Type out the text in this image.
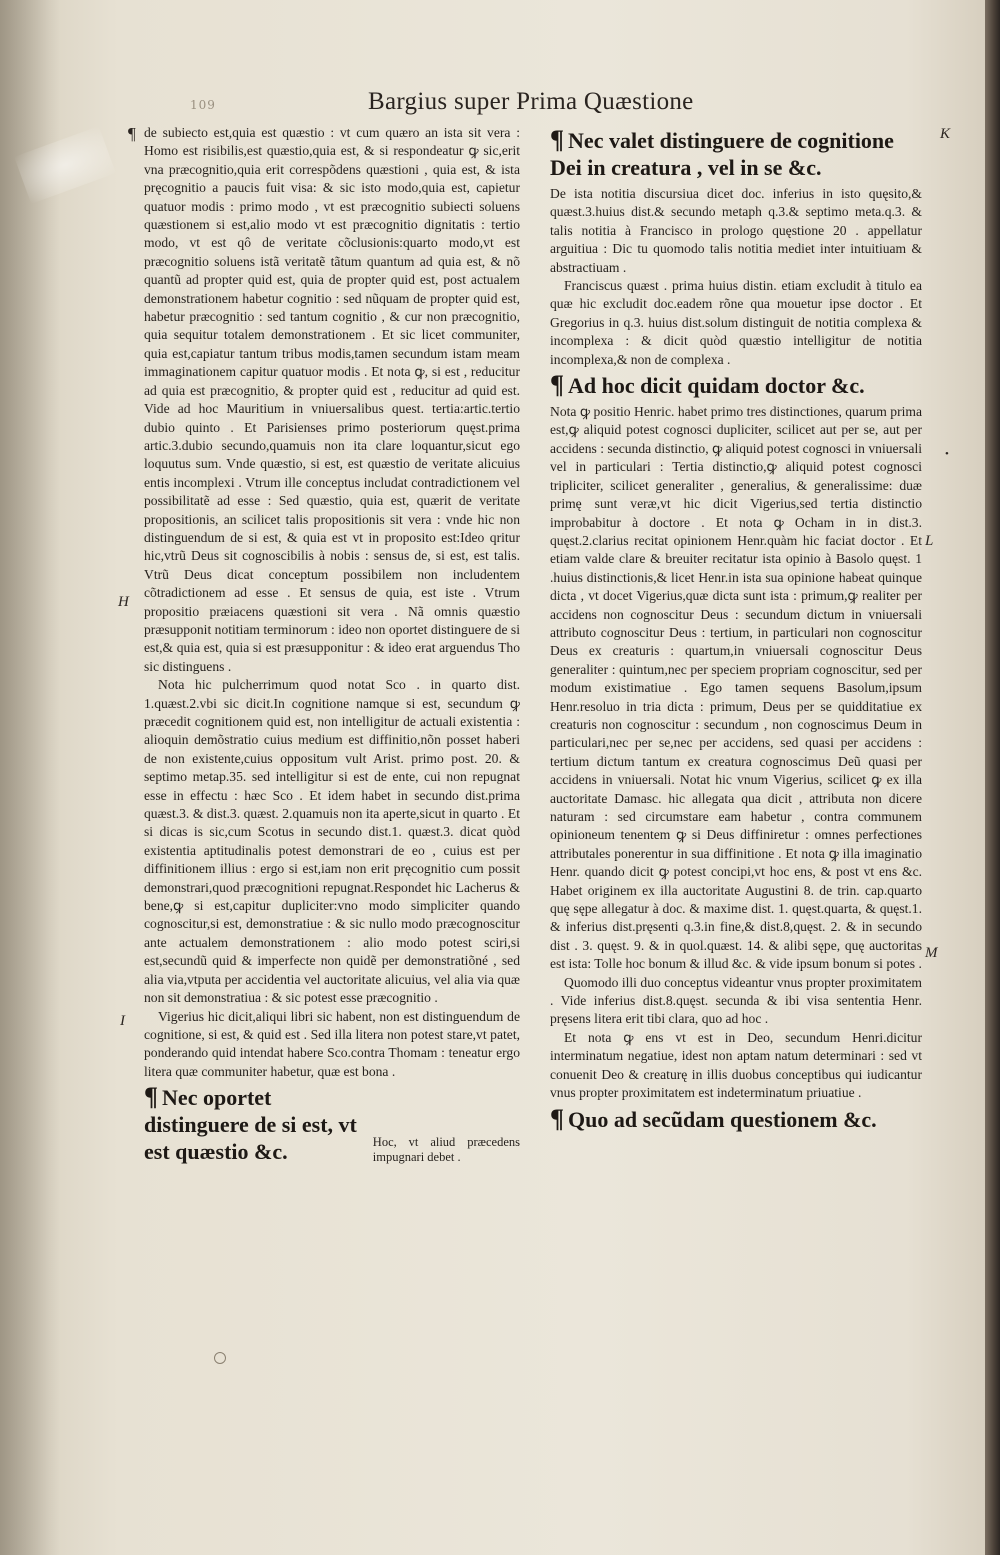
109	Bargius super Prima Quæstione
¶
H
I
K
L
M
•

de subiecto est,quia est quæstio : vt cum quæro an ista sit vera : Homo est risibilis,est quæstio,quia est, & si respondeatur ꝙ sic,erit vna præcognitio,quia erit correspõdens quæstioni , quia est, & ista pręcognitio a paucis fuit visa: & sic isto modo,quia est, capietur quatuor modis : primo modo , vt est præcognitio subiecti soluens quæstionem si est,alio modo vt est præcognitio dignitatis : tertio modo, vt est qô de veritate cõclusionis:quarto modo,vt est præcognitio soluens istã veritatẽ tãtum quantum ad quia est, & nõ quantũ ad propter quid est, quia de propter quid est, post actualem demonstrationem habetur cognitio : sed nũquam de propter quid est, habetur præcognitio : sed tantum cognitio , & cur non præcognitio, quia sequitur totalem demonstrationem . Et sic licet communiter, quia est,capiatur tantum tribus modis,tamen secundum istam meam immaginationem capitur quatuor modis . Et nota ꝙ, si est , reducitur ad quia est præcognitio, & propter quid est , reducitur ad quid est. Vide ad hoc Mauritium in vniuersalibus quest. tertia:artic.tertio dubio quinto . Et Parisienses primo posteriorum quęst.prima artic.3.dubio secundo,quamuis non ita clare loquantur,sicut ego loquutus sum. Vnde quæstio, si est, est quæstio de veritate alicuius entis incomplexi . Vtrum ille conceptus includat contradictionem vel possibilitatẽ ad esse : Sed quæstio, quia est, quærit de veritate propositionis, an scilicet talis propositionis sit vera : vnde hic non distinguendum de si est, & quia est vt in proposito est:Ideo qritur hic,vtrũ Deus sit cognoscibilis à nobis : sensus de, si est, est talis. Vtrũ Deus dicat conceptum possibilem non includentem cõtradictionem ad esse . Et sensus de quia, est iste . Vtrum propositio præiacens quæstioni sit vera . Nã omnis quæstio præsupponit notitiam terminorum : ideo non oportet distinguere de si est,& quia est, quia si est præsupponitur : & ideo erat arguendus Tho sic distinguens .

Nota hic pulcherrimum quod notat Sco . in quarto dist. 1.quæst.2.vbi sic dicit.In cognitione namque si est, secundum ꝙ præcedit cognitionem quid est, non intelligitur de actuali existentia : alioquin demõstratio cuius medium est diffinitio,nõn posset haberi de non existente,cuius oppositum vult Arist. primo post. 20. & septimo metap.35. sed intelligitur si est de ente, cui non repugnat esse in effectu : hæc Sco . Et idem habet in secundo dist.prima quæst.3. & dist.3. quæst. 2.quamuis non ita aperte,sicut in quarto . Et si dicas is sic,cum Scotus in secundo dist.1. quæst.3. dicat quòd existentia aptitudinalis potest demonstrari de eo , cuius est per diffinitionem illius : ergo si est,iam non erit pręcognitio cum possit demonstrari,quod præcognitioni repugnat.Respondet hic Lacherus & bene,ꝙ si est,capitur dupliciter:vno modo simpliciter quando cognoscitur,si est, demonstratiue : & sic nullo modo præcognoscitur ante actualem demonstrationem : alio modo potest sciri,si est,secundũ quid & imperfecte non quidẽ per demonstratiõné , sed alia via,vtputa per accidentia vel auctoritate alicuius, vel alia via quæ non sit demonstratiua : & sic potest esse præcognitio .

Vigerius hic dicit,aliqui libri sic habent, non est distinguendum de cognitione, si est, & quid est . Sed illa litera non potest stare,vt patet, ponderando quid intendat habere Sco.contra Thomam : teneatur ergo litera quæ communiter habetur, quæ est bona .

¶ Nec oportet distinguere de si est, vt est quæstio &c.	Hoc, vt aliud præcedens impugnari debet .
¶ Nec valet distinguere de cognitione Dei in creatura , vel in se &c.

De ista notitia discursiua dicet doc. inferius in isto quęsito,& quæst.3.huius dist.& secundo metaph q.3.& septimo meta.q.3. & talis notitia à Francisco in prologo quęstione 20 . appellatur arguitiua : Dic tu quomodo talis notitia mediet inter intuitiuam & abstractiuam .

Franciscus quæst . prima huius distin. etiam excludit à titulo ea quæ hic excludit doc.eadem rõne qua mouetur ipse doctor . Et Gregorius in q.3. huius dist.solum distinguit de notitia complexa & incomplexa : & dicit quòd quæstio intelligitur de notitia incomplexa,& non de complexa .

¶ Ad hoc dicit quidam doctor &c.

Nota ꝙ positio Henric. habet primo tres distinctiones, quarum prima est,ꝙ aliquid potest cognosci dupliciter, scilicet aut per se, aut per accidens : secunda distinctio, ꝙ aliquid potest cognosci in vniuersali vel in particulari : Tertia distinctio,ꝙ aliquid potest cognosci tripliciter, scilicet generaliter , generalius, & generalissime: duæ primę sunt veræ,vt hic dicit Vigerius,sed tertia distinctio improbabitur à doctore . Et nota ꝙ Ocham in in dist.3. quęst.2.clarius recitat opinionem Henr.quàm hic faciat doctor . Et etiam valde clare & breuiter recitatur ista opinio à Basolo quęst. 1 .huius distinctionis,& licet Henr.in ista sua opinione habeat quinque dicta , vt docet Vigerius,quæ dicta sunt ista : primum,ꝙ realiter per accidens non cognoscitur Deus : secundum dictum in vniuersali attributo cognoscitur Deus : tertium, in particulari non cognoscitur Deus ex creaturis : quartum,in vniuersali cognoscitur Deus generaliter : quintum,nec per speciem propriam cognoscitur, sed per modum existimatiue . Ego tamen sequens Basolum,ipsum Henr.resoluo in tria dicta : primum, Deus per se quidditatiue ex creaturis non cognoscitur : secundum , non cognoscimus Deum in particulari,nec per se,nec per accidens, sed quasi per accidens : tertium dictum tantum ex creatura cognoscimus Deũ quasi per accidens in vniuersali. Notat hic vnum Vigerius, scilicet ꝙ ex illa auctoritate Damasc. hic allegata qua dicit , attributa non dicere naturam : sed circumstare eam habetur , contra communem opinioneum tenentem ꝙ si Deus diffiniretur : omnes perfectiones attributales ponerentur in sua diffinitione . Et nota ꝙ illa imaginatio Henr. quando dicit ꝙ potest concipi,vt hoc ens, & post vt ens &c. Habet originem ex illa auctoritate Augustini 8. de trin. cap.quarto quę sępe allegatur à doc. & maxime dist. 1. quęst.quarta, & quęst.1. & inferius dist.pręsenti q.3.in fine,& dist.8,quęst. 2. & in secundo dist . 3. quęst. 9. & in quol.quæst. 14. & alibi sępe, quę auctoritas est ista: Tolle hoc bonum & illud &c. & vide ipsum bonum si potes .

Quomodo illi duo conceptus videantur vnus propter proximitatem . Vide inferius dist.8.quęst. secunda & ibi visa sententia Henr. pręsens litera erit tibi clara, quo ad hoc .

Et nota ꝙ ens vt est in Deo, secundum Henri.dicitur interminatum negatiue, idest non aptam natum determinari : sed vt conuenit Deo & creaturę in illis duobus conceptibus qui iudicantur vnus propter proximitatem est indeterminatum priuatiue .

¶ Quo ad secũdam questionem &c.
